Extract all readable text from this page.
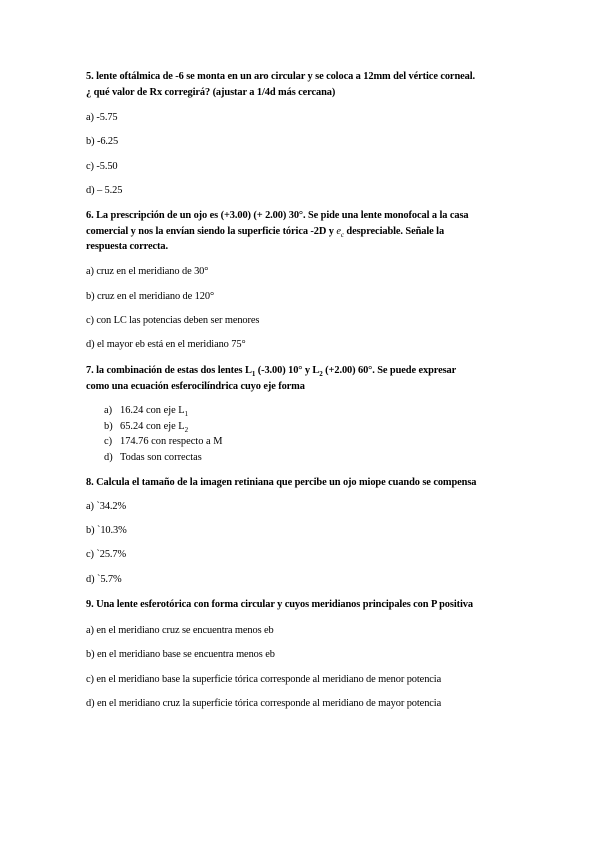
5. lente oftálmica de -6 se monta en un aro circular y se coloca a 12mm del vértice corneal.
¿ qué valor de Rx corregirá? (ajustar a 1/4d más cercana)
a) -5.75
b) -6.25
c) -5.50
d) – 5.25
6. La prescripción de un ojo es (+3.00) (+ 2.00) 30°. Se pide una lente monofocal a la casa
comercial y nos la envían siendo la superficie tórica -2D y $e_c$ despreciable. Señale la
respuesta correcta.
a) cruz en el meridiano de 30°
b) cruz en el meridiano de 120°
c) con LC las potencias deben ser menores
d) el mayor eb está en el meridiano 75°
7. la combinación de estas dos lentes $L_1$ (-3.00) 10° y $L_2$ (+2.00) 60°. Se puede expresar
como una ecuación esferocilíndrica cuyo eje forma
a) 16.24 con eje $L_1$
b) 65.24 con eje $L_2$
c) 174.76 con respecto a M
d) Todas son correctas
8. Calcula el tamaño de la imagen retiniana que percibe un ojo miope cuando se compensa
a) `34.2%
b) `10.3%
c) `25.7%
d) `5.7%
9. Una lente esferotórica con forma circular y cuyos meridianos principales con P positiva
a) en el meridiano cruz se encuentra menos eb
b) en el meridiano base se encuentra menos eb
c) en el meridiano base la superficie tórica corresponde al meridiano de menor potencia
d) en el meridiano cruz la superficie tórica corresponde al meridiano de mayor potencia
